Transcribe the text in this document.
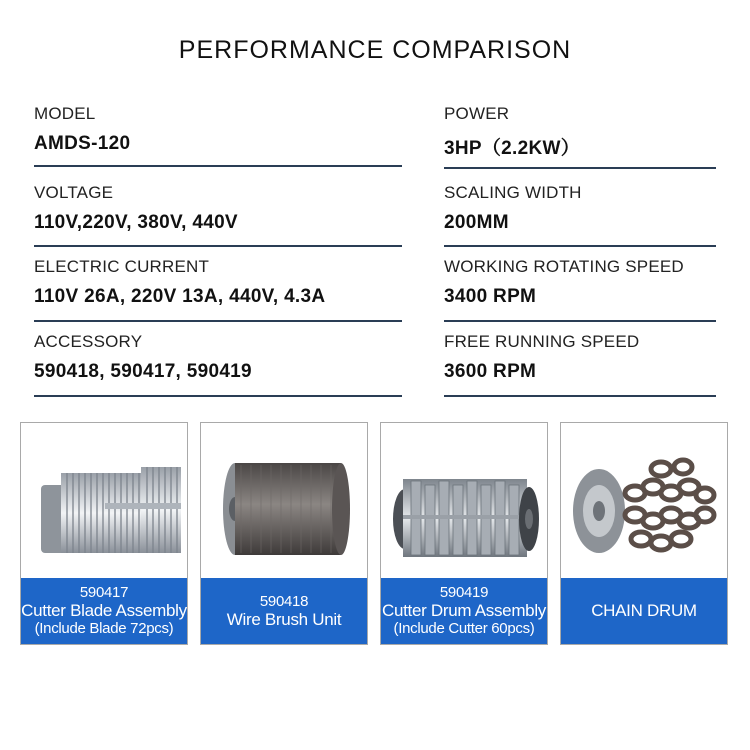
PERFORMANCE COMPARISON
MODEL
AMDS-120
VOLTAGE
110V,220V, 380V, 440V
ELECTRIC CURRENT
110V 26A, 220V 13A, 440V, 4.3A
ACCESSORY
590418, 590417, 590419
POWER
3HP（2.2KW）
SCALING WIDTH
200MM
WORKING ROTATING SPEED
3400 RPM
FREE RUNNING SPEED
3600 RPM
590417
Cutter Blade Assembly
(Include Blade 72pcs)
590418
Wire Brush Unit
590419
Cutter Drum Assembly
(Include Cutter 60pcs)
CHAIN DRUM
